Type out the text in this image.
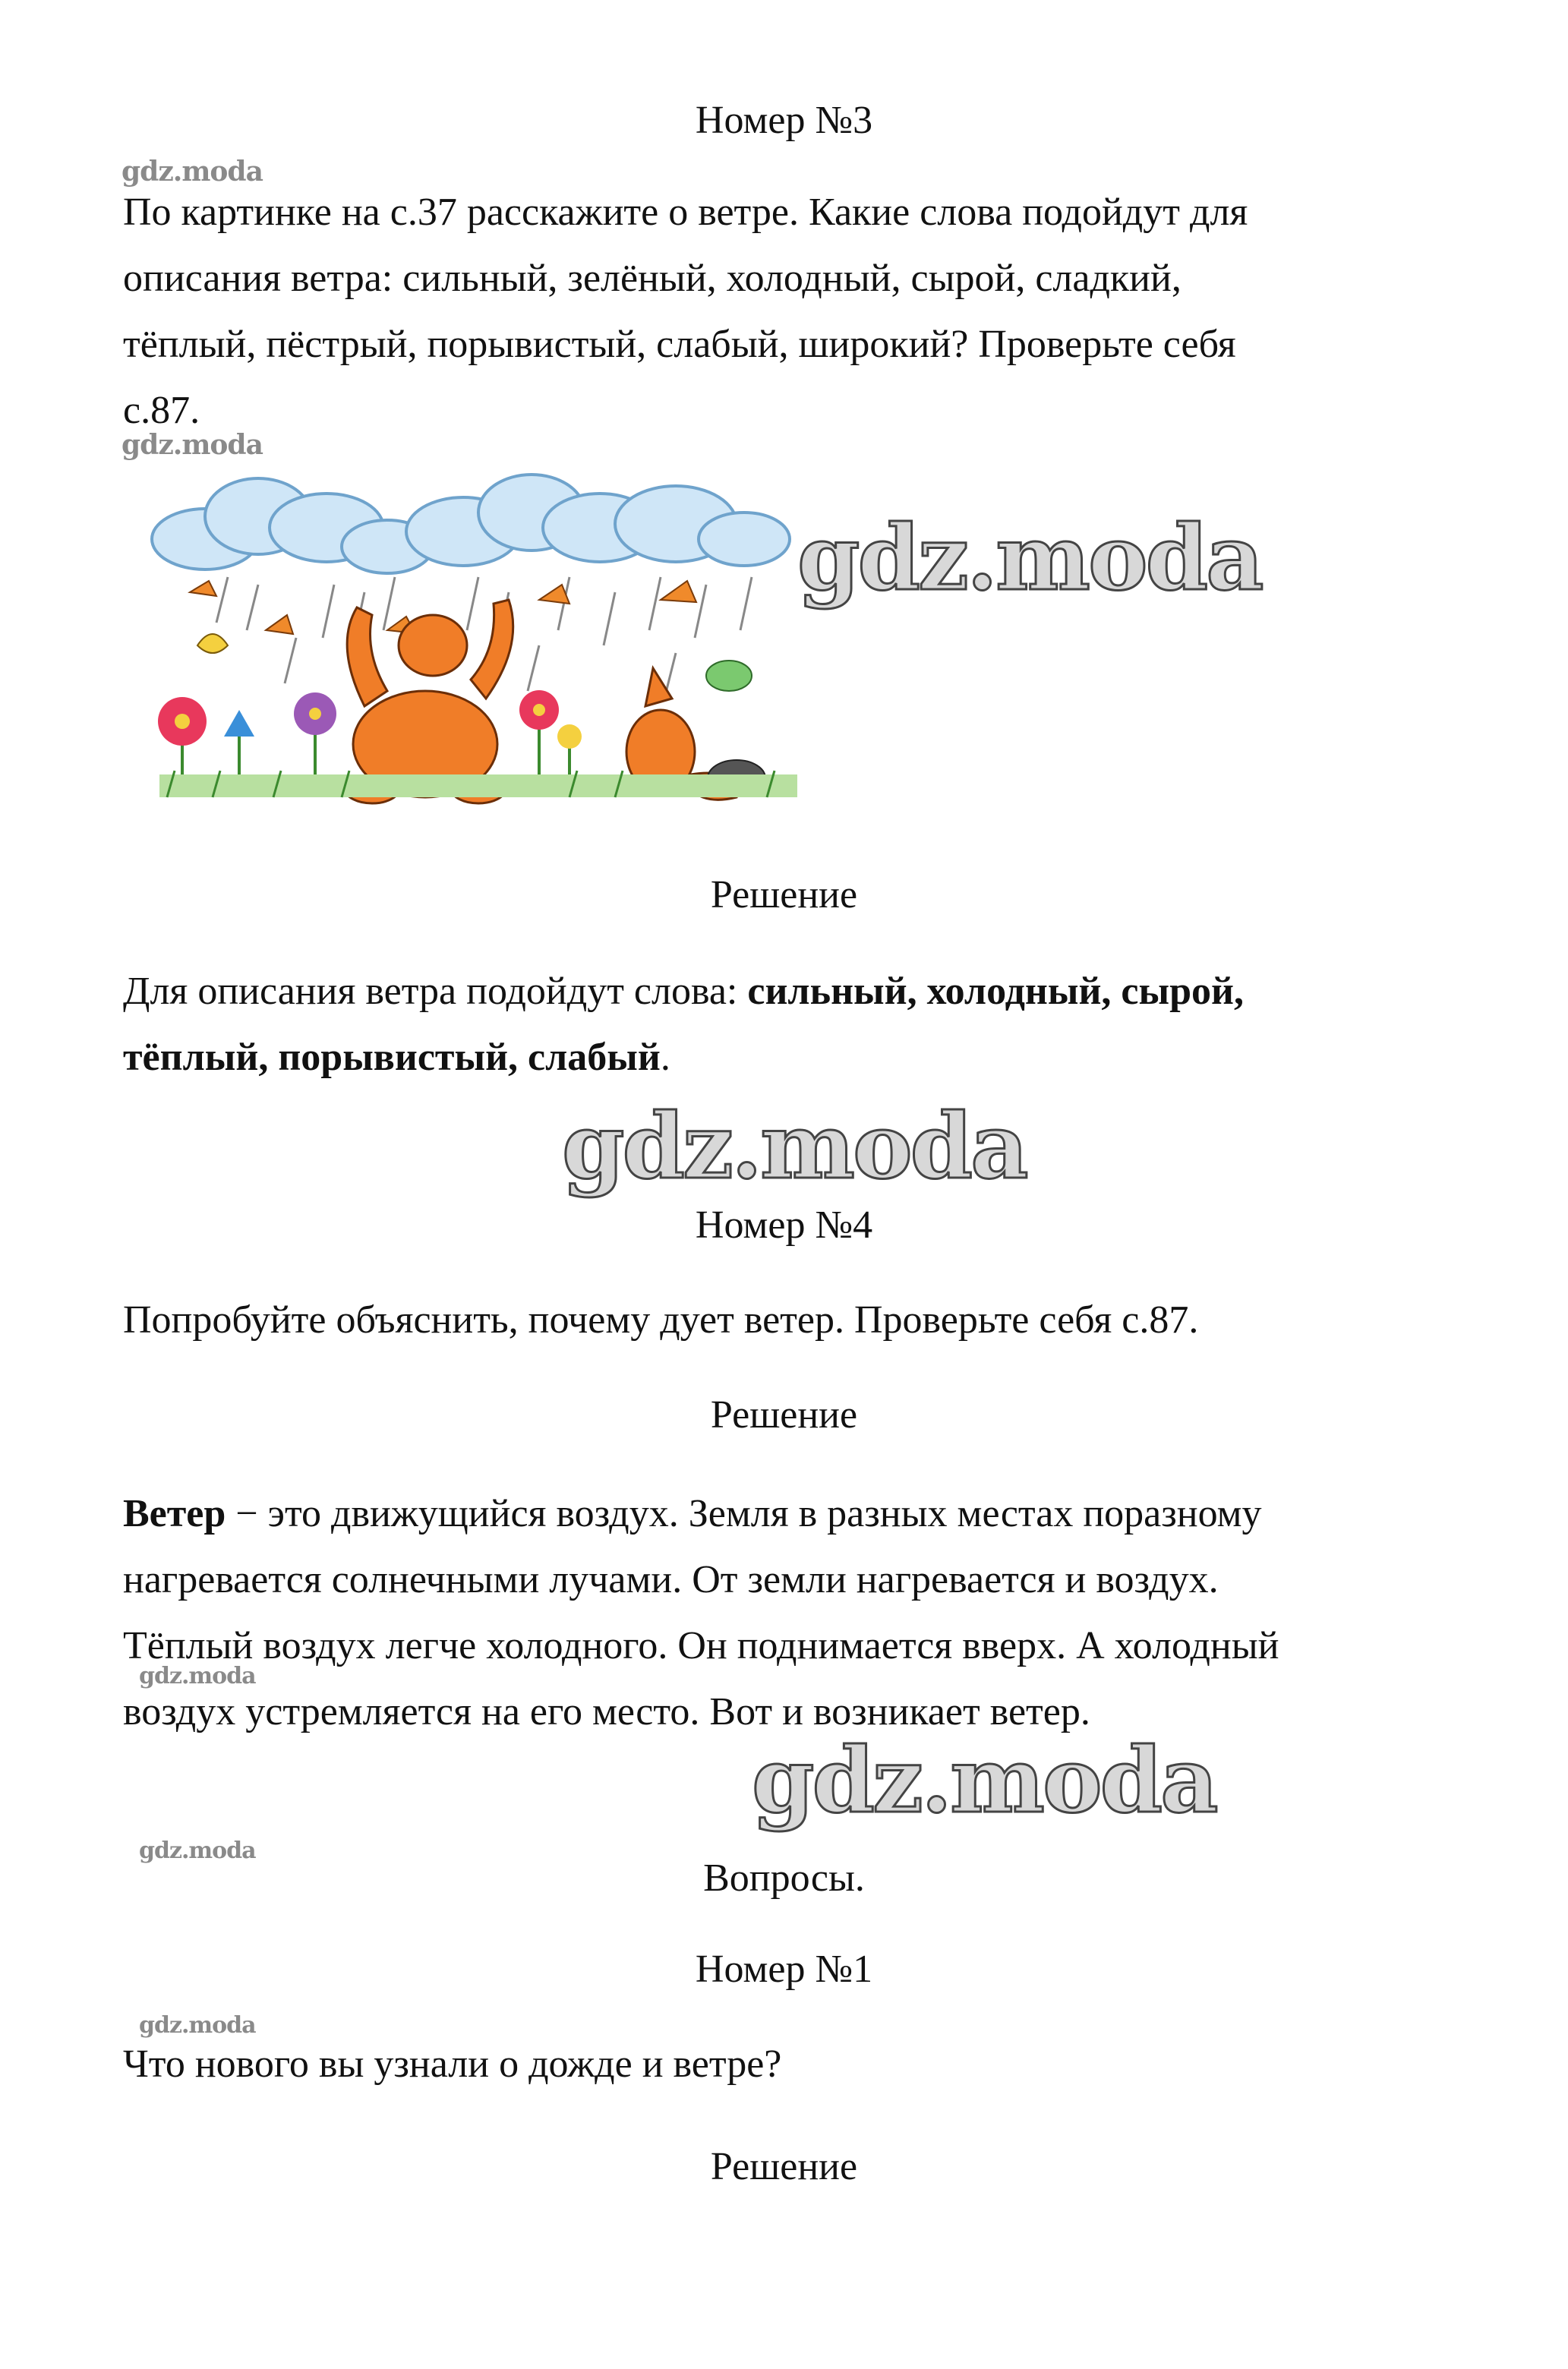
Номер №3
gdz.moda
По картинке на с.37 расскажите о ветре. Какие слова подойдут для
описания ветра: сильный, зелёный, холодный, сырой, сладкий,
тёплый, пёстрый, порывистый, слабый, широкий? Проверьте себя
с.87.
gdz.moda
gdz.moda
Решение
Для описания ветра подойдут слова: сильный, холодный, сырой,
тёплый, порывистый, слабый.
gdz.moda
Номер №4
Попробуйте объяснить, почему дует ветер. Проверьте себя с.87.
Решение
Ветер − это движущийся воздух. Земля в разных местах поразному
нагревается солнечными лучами. От земли нагревается и воздух.
Тёплый воздух легче холодного. Он поднимается вверх. А холодный
gdz.moda
воздух устремляется на его место. Вот и возникает ветер.
gdz.moda
gdz.moda
Вопросы.
Номер №1
gdz.moda
Что нового вы узнали о дожде и ветре?
Решение
